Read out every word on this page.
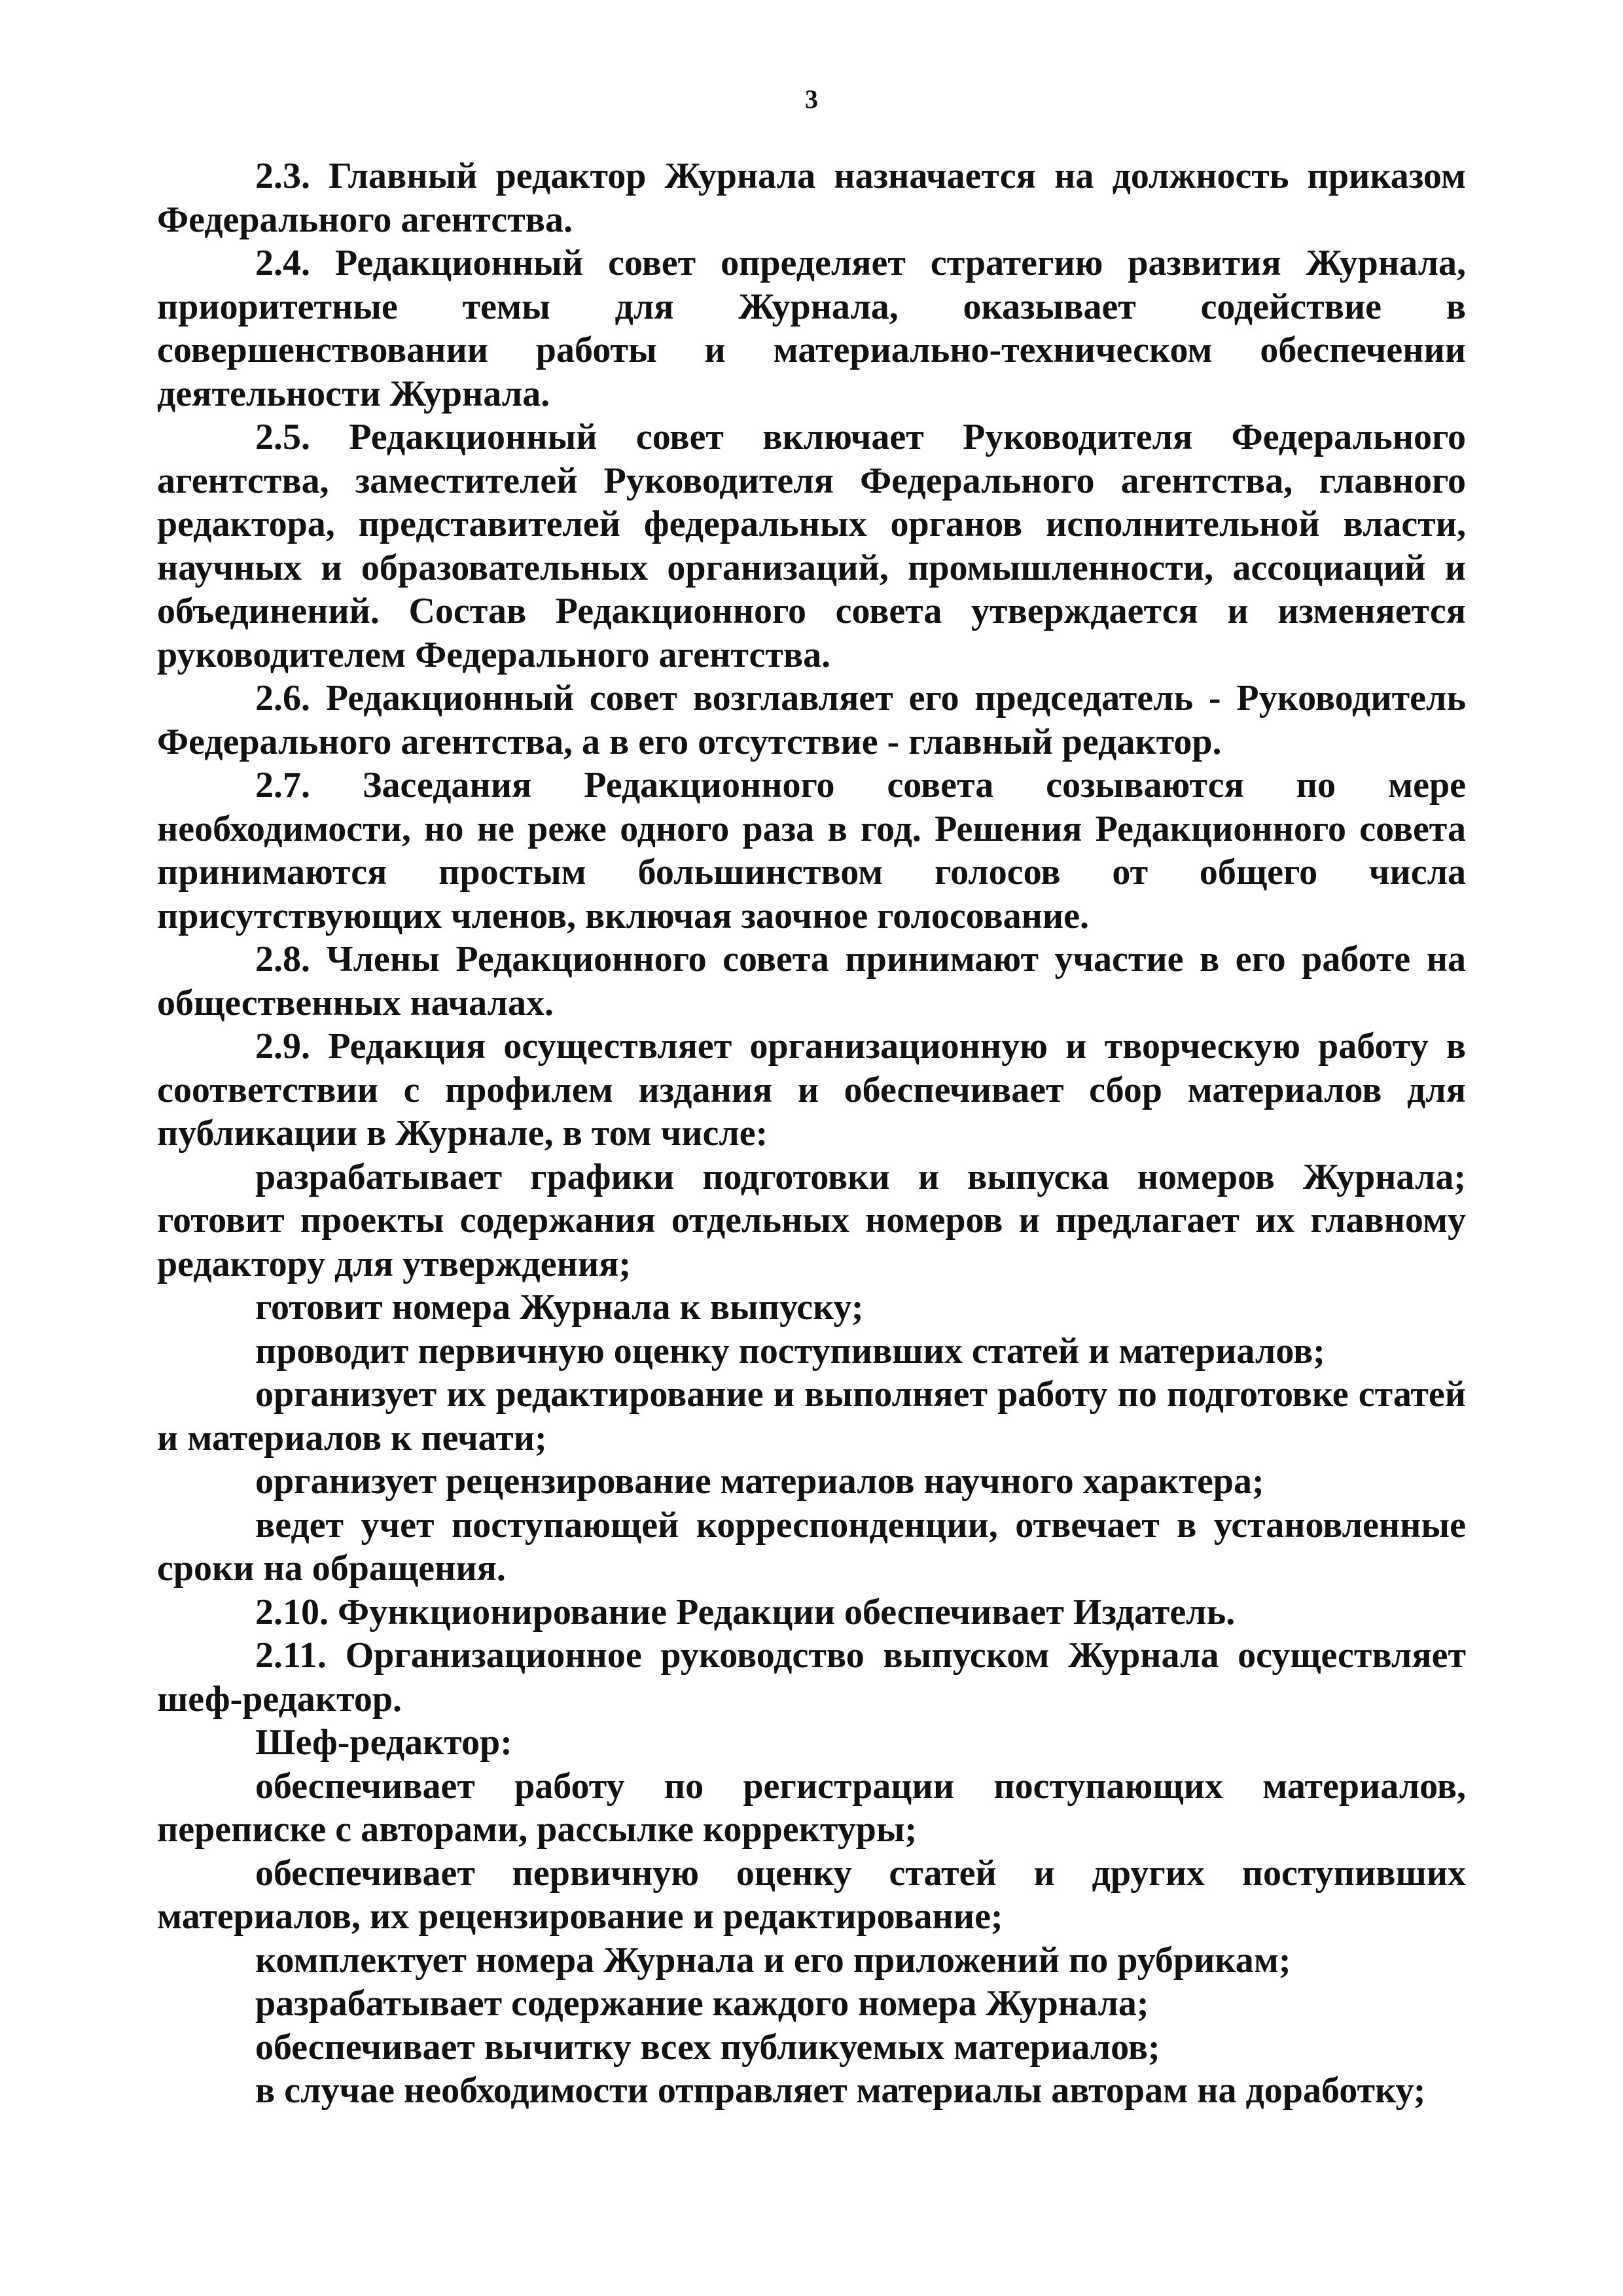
3

2.3. Главный редактор Журнала назначается на должность приказом Федерального агентства.

2.4. Редакционный совет определяет стратегию развития Журнала, приоритетные темы для Журнала, оказывает содействие в совершенствовании работы и материально-техническом обеспечении деятельности Журнала.

2.5. Редакционный совет включает Руководителя Федерального агентства, заместителей Руководителя Федерального агентства, главного редактора, представителей федеральных органов исполнительной власти, научных и образовательных организаций, промышленности, ассоциаций и объединений. Состав Редакционного совета утверждается и изменяется руководителем Федерального агентства.

2.6. Редакционный совет возглавляет его председатель - Руководитель Федерального агентства, а в его отсутствие - главный редактор.

2.7. Заседания Редакционного совета созываются по мере необходимости, но не реже одного раза в год. Решения Редакционного совета принимаются простым большинством голосов от общего числа присутствующих членов, включая заочное голосование.

2.8. Члены Редакционного совета принимают участие в его работе на общественных началах.

2.9. Редакция осуществляет организационную и творческую работу в соответствии с профилем издания и обеспечивает сбор материалов для публикации в Журнале, в том числе:

разрабатывает графики подготовки и выпуска номеров Журнала; готовит проекты содержания отдельных номеров и предлагает их главному редактору для утверждения;

готовит номера Журнала к выпуску;

проводит первичную оценку поступивших статей и материалов;

организует их редактирование и выполняет работу по подготовке статей и материалов к печати;

организует рецензирование материалов научного характера;

ведет учет поступающей корреспонденции, отвечает в установленные сроки на обращения.

2.10. Функционирование Редакции обеспечивает Издатель.

2.11. Организационное руководство выпуском Журнала осуществляет шеф-редактор.

Шеф-редактор:

обеспечивает работу по регистрации поступающих материалов, переписке с авторами, рассылке корректуры;

обеспечивает первичную оценку статей и других поступивших материалов, их рецензирование и редактирование;

комплектует номера Журнала и его приложений по рубрикам;

разрабатывает содержание каждого номера Журнала;

обеспечивает вычитку всех публикуемых материалов;

в случае необходимости отправляет материалы авторам на доработку;
